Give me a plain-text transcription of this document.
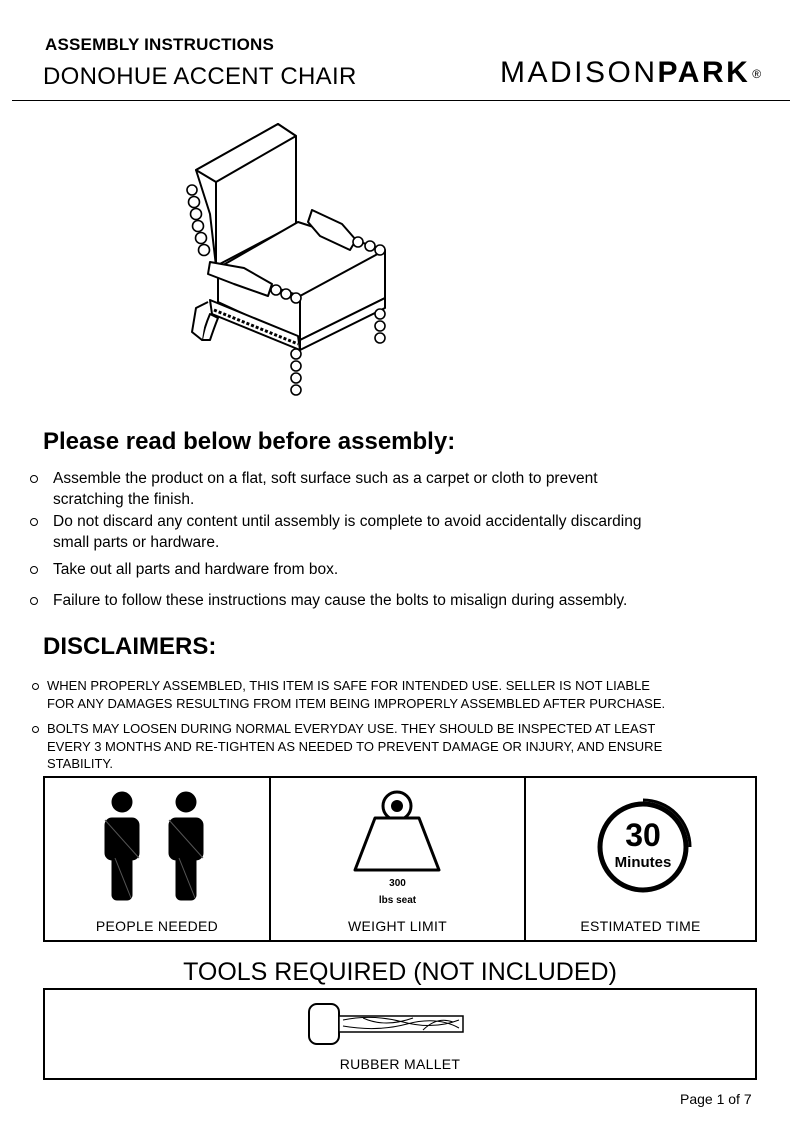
ASSEMBLY INSTRUCTIONS
DONOHUE ACCENT CHAIR	MADISONPARK ®
Please read below before assembly:
Assemble the product on a flat, soft surface such as a carpet or cloth to prevent
scratching the finish.
Do not discard any content until assembly is complete to avoid accidentally discarding
small parts or hardware.
Take out all parts and hardware from box.
Failure to follow these instructions may cause the bolts to misalign during assembly.
DISCLAIMERS:
WHEN PROPERLY ASSEMBLED, THIS ITEM IS SAFE FOR INTENDED USE. SELLER IS NOT LIABLE
FOR ANY DAMAGES RESULTING FROM ITEM BEING IMPROPERLY ASSEMBLED AFTER PURCHASE.
BOLTS MAY LOOSEN DURING NORMAL EVERYDAY USE. THEY SHOULD BE INSPECTED AT LEAST
EVERY 3 MONTHS AND RE-TIGHTEN AS NEEDED TO PREVENT DAMAGE OR INJURY, AND ENSURE
STABILITY.
PEOPLE NEEDED
300
lbs seat
WEIGHT LIMIT
30
Minutes
ESTIMATED TIME
TOOLS REQUIRED (NOT INCLUDED)
RUBBER MALLET
Page 1 of 7
